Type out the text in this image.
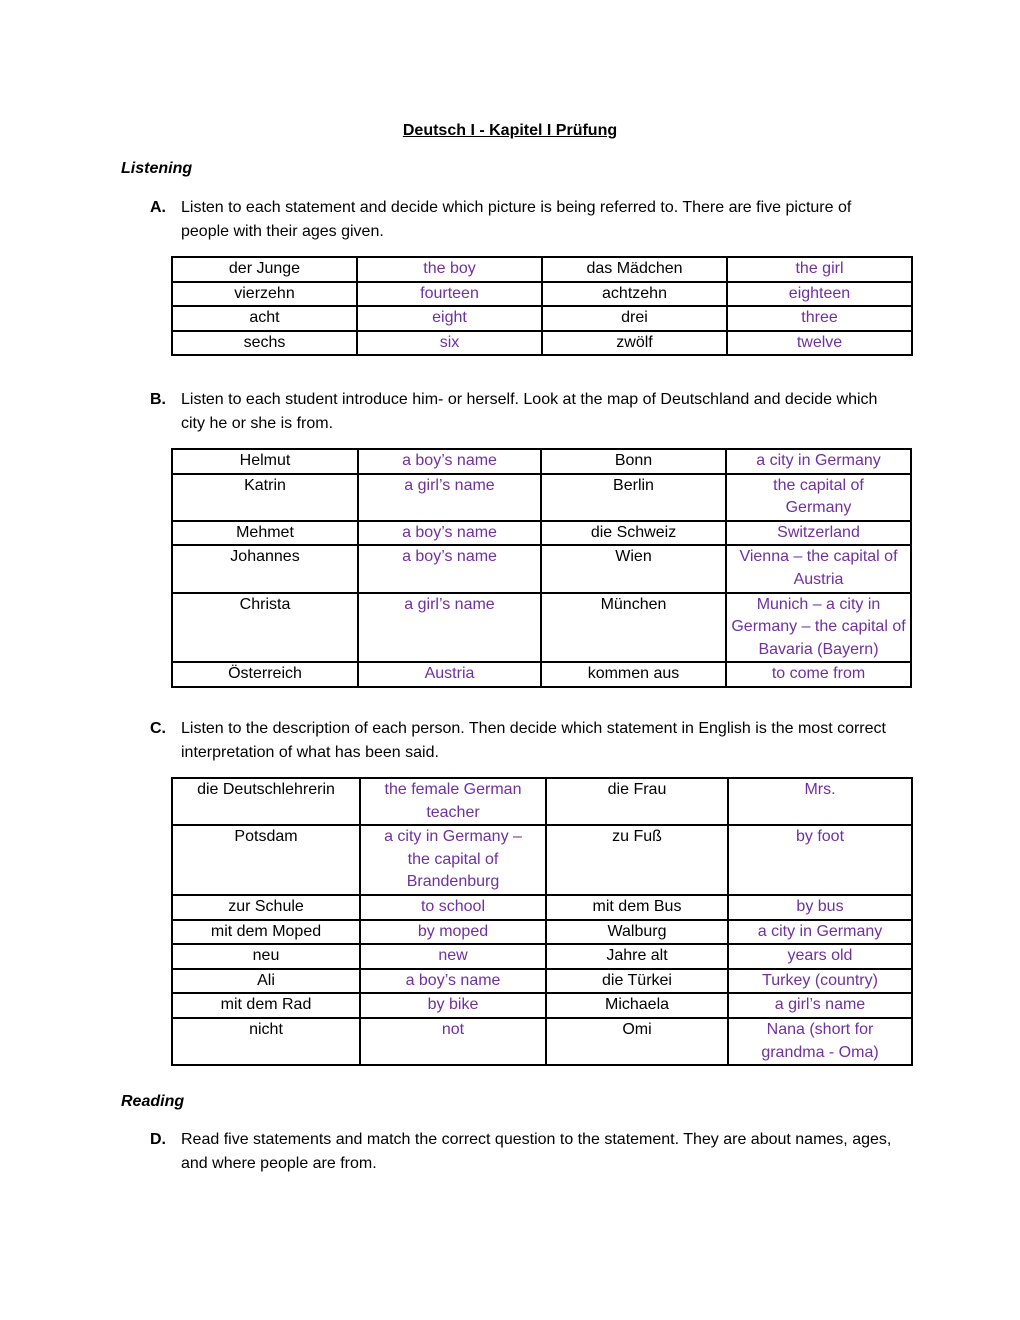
Deutsch I - Kapitel I Prüfung
Listening
A. Listen to each statement and decide which picture is being referred to. There are five picture of people with their ages given.
der Junge	the boy	das Mädchen	the girl
vierzehn	fourteen	achtzehn	eighteen
acht	eight	drei	three
sechs	six	zwölf	twelve
B. Listen to each student introduce him- or herself. Look at the map of Deutschland and decide which city he or she is from.
Helmut	a boy’s name	Bonn	a city in Germany
Katrin	a girl’s name	Berlin	the capital of Germany
Mehmet	a boy’s name	die Schweiz	Switzerland
Johannes	a boy’s name	Wien	Vienna – the capital of Austria
Christa	a girl’s name	München	Munich – a city in Germany – the capital of Bavaria (Bayern)
Österreich	Austria	kommen aus	to come from
C. Listen to the description of each person. Then decide which statement in English is the most correct interpretation of what has been said.
die Deutschlehrerin	the female German teacher	die Frau	Mrs.
Potsdam	a city in Germany – the capital of Brandenburg	zu Fuß	by foot
zur Schule	to school	mit dem Bus	by bus
mit dem Moped	by moped	Walburg	a city in Germany
neu	new	Jahre alt	years old
Ali	a boy’s name	die Türkei	Turkey (country)
mit dem Rad	by bike	Michaela	a girl’s name
nicht	not	Omi	Nana (short for grandma - Oma)
Reading
D. Read five statements and match the correct question to the statement. They are about names, ages, and where people are from.
